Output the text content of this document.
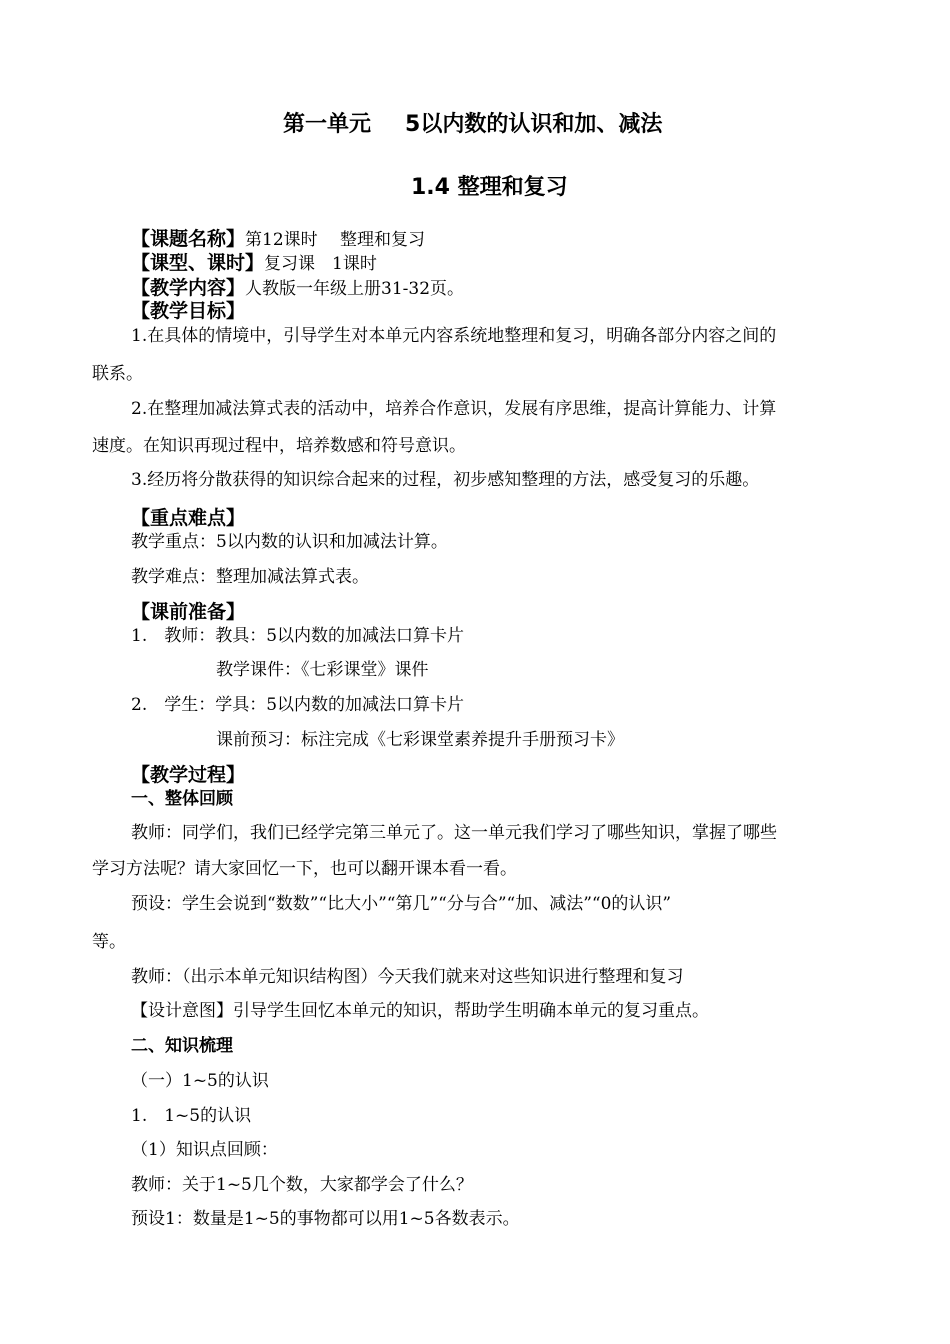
第一单元 5以内数的认识和加、减法
1.4 整理和复习
【课题名称】第12课时　 整理和复习
【课型、课时】复习课　1课时
【教学内容】人教版一年级上册31-32页。
【教学目标】
1.在具体的情境中，引导学生对本单元内容系统地整理和复习，明确各部分内容之间的
联系。
2.在整理加减法算式表的活动中，培养合作意识，发展有序思维，提高计算能力、计算
速度。在知识再现过程中，培养数感和符号意识。
3.经历将分散获得的知识综合起来的过程，初步感知整理的方法，感受复习的乐趣。
【重点难点】
教学重点：5以内数的认识和加减法计算。
教学难点：整理加减法算式表。
【课前准备】
1.　教师：教具：5以内数的加减法口算卡片
教学课件：《七彩课堂》课件
2.　学生：学具：5以内数的加减法口算卡片
课前预习：标注完成《七彩课堂素养提升手册预习卡》
【教学过程】
一、整体回顾
教师：同学们，我们已经学完第三单元了。这一单元我们学习了哪些知识，掌握了哪些
学习方法呢？请大家回忆一下，也可以翻开课本看一看。
预设：学生会说到“数数”“比大小”“第几”“分与合”“加、减法”“0的认识”
等。
教师：（出示本单元知识结构图）今天我们就来对这些知识进行整理和复习
【设计意图】引导学生回忆本单元的知识，帮助学生明确本单元的复习重点。
二、知识梳理
（一）1~5的认识
1.　1~5的认识
（1）知识点回顾：
教师：关于1~5几个数，大家都学会了什么？
预设1：数量是1~5的事物都可以用1~5各数表示。
